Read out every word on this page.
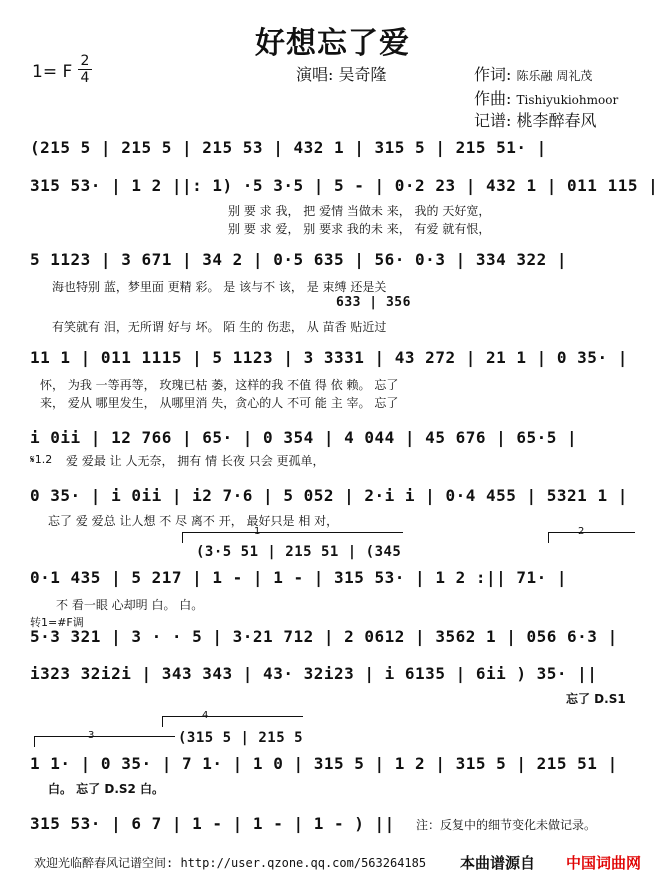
好想忘了爱
1= F
2
4	演唱: 吴奇隆	作词: 陈乐融 周礼茂
作曲: Tishiyukiohmoor
记谱: 桃李醉春风
(215 5 | 215 5 | 215 53 | 432 1 | 315 5 | 215 51· |
315 53· | 1 2 ||: 1) ·5 3·5 | 5 - | 0·2 23 | 432 1 | 011 115 |
别 要 求 我， 把 爱情 当做未 来， 我的 天好宽，
别 要 求 爱， 别 要求 我的未 来， 有爱 就有恨，
5 1123 | 3 671 | 34 2 | 0·5 635 | 56· 0·3 | 334 322 |
海也特别 蓝，梦里面 更精 彩。 是 该与不 该， 是 束缚 还是关
633 | 356
有笑就有 泪，无所谓 好与 坏。 陌 生的 伤悲， 从 苗香 贴近过
11 1 | 011 1115 | 5 1123 | 3 3331 | 43 272 | 21 1 | 0 35· |
怀， 为我 一等再等， 玫瑰已枯 萎，这样的我 不值 得 依 赖。 忘了
来， 爱从 哪里发生， 从哪里消 失，贪心的人 不可 能 主 宰。 忘了
i 0ii | 12 766 | 65· | 0 354 | 4 044 | 45 676 | 65·5 |
𝄋1.2 爱 爱最 让 人无奈， 拥有 情 长夜 只会 更孤单，
0 35· | i 0ii | i2 7·6 | 5 052 | 2·i i | 0·4 455 | 5321 1 |
忘了 爱 爱总 让人想 不 尽 离不 开， 最好只是 相 对，
1	2
(3·5 51 | 215 51 | (345
0·1 435 | 5 217 | 1 - | 1 - | 315 53· | 1 2 :|| 71· |
不 看一眼 心却明 白。 白。
转1=#F调
5·3 321 | 3 · · 5 | 3·21 712 | 2 0612 | 3562 1 | 056 6·3 |
i323 32i2i | 343 343 | 43· 32i23 | i 6135 | 6ii ) 35· ||
忘了 D.S1
4
3	(315 5 | 215 5
1 1· | 0 35· | 7 1· | 1 0 | 315 5 | 1 2 | 315 5 | 215 51 |
白。 忘了 D.S2 白。
315 53· | 6 7 | 1 - | 1 - | 1 - ) || 注：反复中的细节变化未做记录。
欢迎光临醉春风记谱空间: http://user.qzone.qq.com/563264185 本曲谱源自 中国词曲网
